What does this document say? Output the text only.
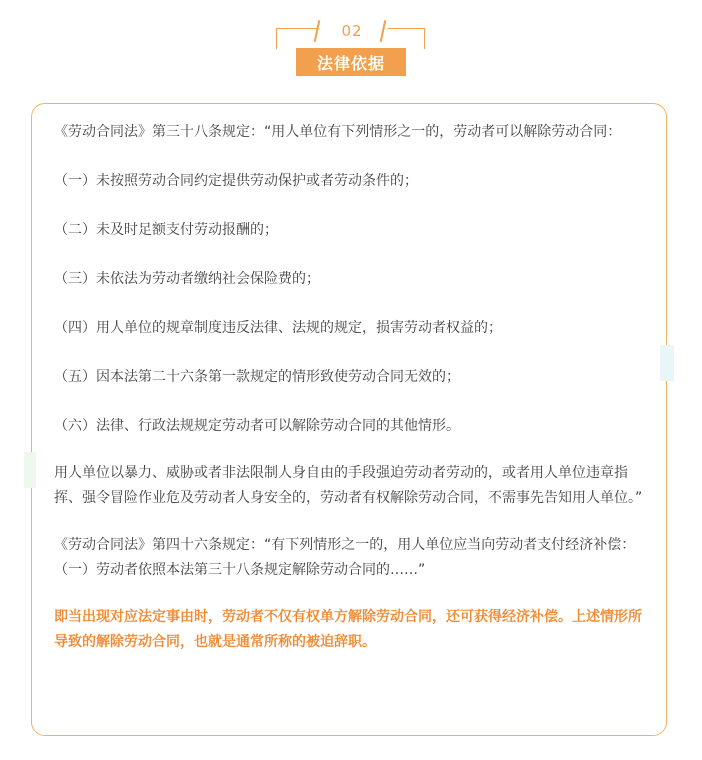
02
法律依据

《劳动合同法》第三十八条规定：“用人单位有下列情形之一的，劳动者可以解除劳动合同：

（一）未按照劳动合同约定提供劳动保护或者劳动条件的；

（二）未及时足额支付劳动报酬的；

（三）未依法为劳动者缴纳社会保险费的；

（四）用人单位的规章制度违反法律、法规的规定，损害劳动者权益的；

（五）因本法第二十六条第一款规定的情形致使劳动合同无效的；

（六）法律、行政法规规定劳动者可以解除劳动合同的其他情形。

用人单位以暴力、威胁或者非法限制人身自由的手段强迫劳动者劳动的，或者用人单位违章指挥、强令冒险作业危及劳动者人身安全的，劳动者有权解除劳动合同，不需事先告知用人单位。”

《劳动合同法》第四十六条规定：“有下列情形之一的，用人单位应当向劳动者支付经济补偿：（一）劳动者依照本法第三十八条规定解除劳动合同的……”

即当出现对应法定事由时，劳动者不仅有权单方解除劳动合同，还可获得经济补偿。上述情形所导致的解除劳动合同，也就是通常所称的被迫辞职。
